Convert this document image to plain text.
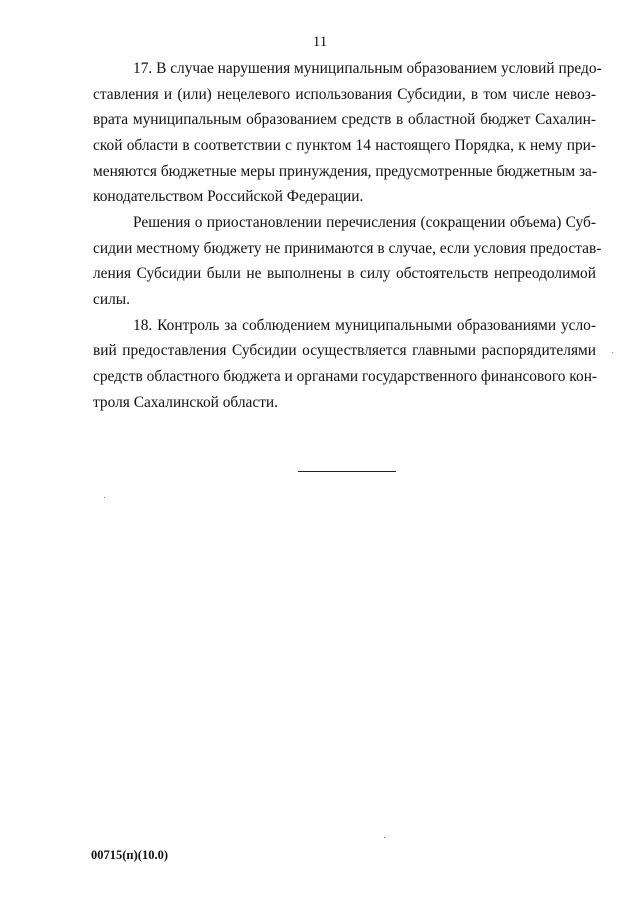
11
17. В случае нарушения муниципальным образованием условий предо-
ставления и (или) нецелевого использования Субсидии, в том числе невоз-
врата муниципальным образованием средств в областной бюджет Сахалин-
ской области в соответствии с пунктом 14 настоящего Порядка, к нему при-
меняются бюджетные меры принуждения, предусмотренные бюджетным за-
конодательством Российской Федерации.
Решения о приостановлении перечисления (сокращении объема) Суб-
сидии местному бюджету не принимаются в случае, если условия предостав-
ления Субсидии были не выполнены в силу обстоятельств непреодолимой
силы.
18. Контроль за соблюдением муниципальными образованиями усло-
вий предоставления Субсидии осуществляется главными распорядителями
средств областного бюджета и органами государственного финансового кон-
троля Сахалинской области.
00715(п)(10.0)
